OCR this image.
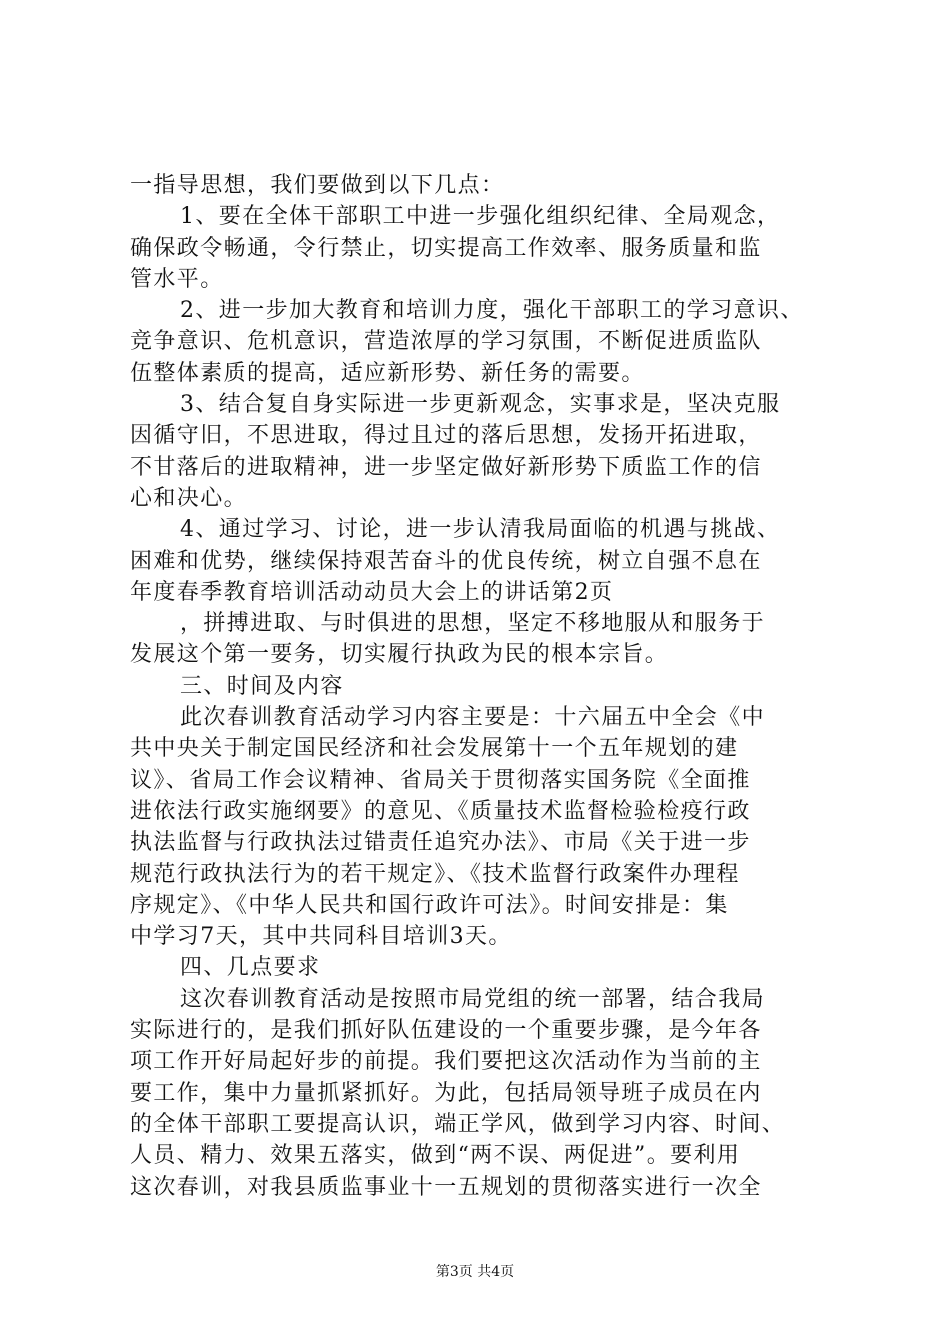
一指导思想，我们要做到以下几点：
1、要在全体干部职工中进一步强化组织纪律、全局观念，
确保政令畅通，令行禁止，切实提高工作效率、服务质量和监
管水平。
2、进一步加大教育和培训力度，强化干部职工的学习意识、
竞争意识、危机意识，营造浓厚的学习氛围，不断促进质监队
伍整体素质的提高，适应新形势、新任务的需要。
3、结合复自身实际进一步更新观念，实事求是，坚决克服
因循守旧，不思进取，得过且过的落后思想，发扬开拓进取，
不甘落后的进取精神，进一步坚定做好新形势下质监工作的信
心和决心。
4、通过学习、讨论，进一步认清我局面临的机遇与挑战、
困难和优势，继续保持艰苦奋斗的优良传统，树立自强不息在
年度春季教育培训活动动员大会上的讲话第2页
，拼搏进取、与时俱进的思想，坚定不移地服从和服务于
发展这个第一要务，切实履行执政为民的根本宗旨。
三、时间及内容
此次春训教育活动学习内容主要是：十六届五中全会《中
共中央关于制定国民经济和社会发展第十一个五年规划的建
议》、省局工作会议精神、省局关于贯彻落实国务院《全面推
进依法行政实施纲要》的意见、《质量技术监督检验检疫行政
执法监督与行政执法过错责任追究办法》、市局《关于进一步
规范行政执法行为的若干规定》、《技术监督行政案件办理程
序规定》、《中华人民共和国行政许可法》。时间安排是：集
中学习7天，其中共同科目培训3天。
四、几点要求
这次春训教育活动是按照市局党组的统一部署，结合我局
实际进行的，是我们抓好队伍建设的一个重要步骤，是今年各
项工作开好局起好步的前提。我们要把这次活动作为当前的主
要工作，集中力量抓紧抓好。为此，包括局领导班子成员在内
的全体干部职工要提高认识，端正学风，做到学习内容、时间、
人员、精力、效果五落实，做到“两不误、两促进”。要利用
这次春训，对我县质监事业十一五规划的贯彻落实进行一次全
第3页 共4页
